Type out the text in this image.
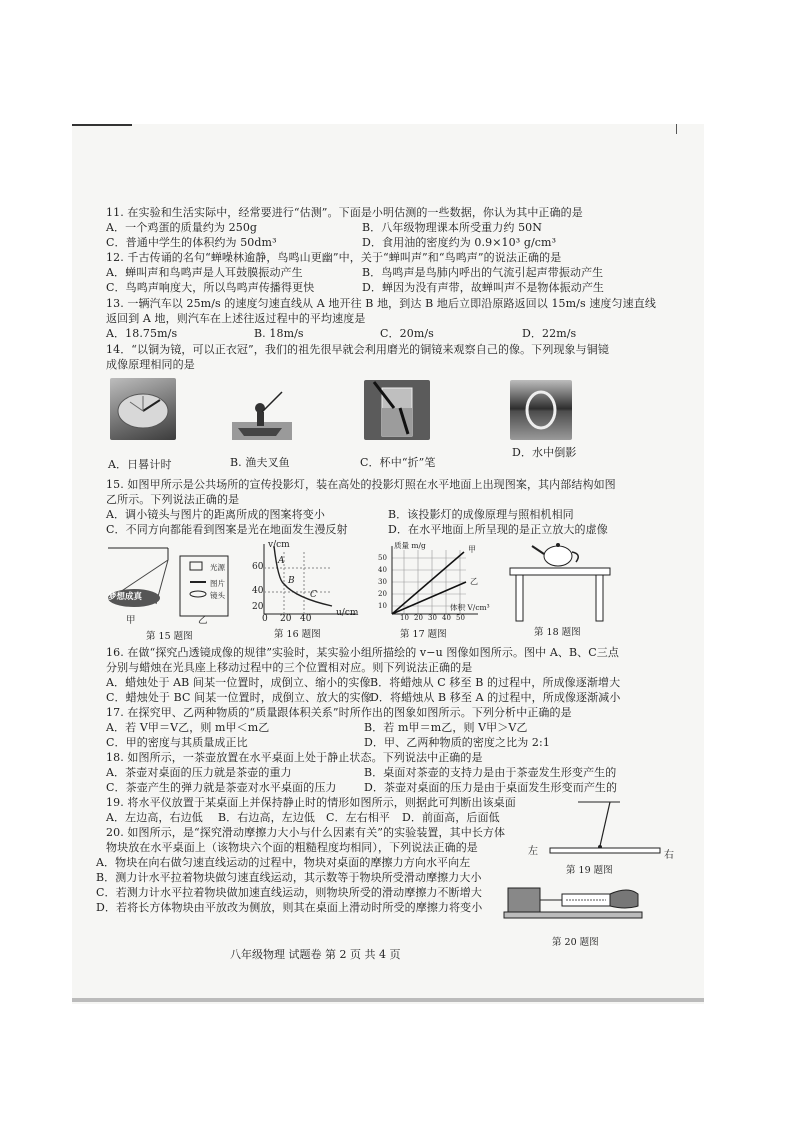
11. 在实验和生活实际中，经常要进行“估测”。下面是小明估测的一些数据，你认为其中正确的是
A．一个鸡蛋的质量约为 250g	B．八年级物理课本所受重力约 50N
C．普通中学生的体积约为 50dm³	D．食用油的密度约为 0.9×10³ g/cm³
12. 千古传诵的名句“蝉噪林逾静，鸟鸣山更幽”中，关于“蝉叫声”和“鸟鸣声”的说法正确的是
A．蝉叫声和鸟鸣声是人耳鼓膜振动产生	B．鸟鸣声是鸟肺内呼出的气流引起声带振动产生
C．鸟鸣声响度大，所以鸟鸣声传播得更快	D．蝉因为没有声带，故蝉叫声不是物体振动产生
13. 一辆汽车以 25m/s 的速度匀速直线从 A 地开往 B 地，到达 B 地后立即沿原路返回以 15m/s 速度匀速直线
返回到 A 地，则汽车在上述往返过程中的平均速度是
A．18.75m/s	B. 18m/s	C．20m/s	D．22m/s
14．“以铜为镜，可以正衣冠”，我们的祖先很早就会利用磨光的铜镜来观察自己的像。下列现象与铜镜
成像原理相同的是
A．日晷计时	B. 渔夫叉鱼	C．杯中“折”笔
D．水中倒影
15. 如图甲所示是公共场所的宣传投影灯，装在高处的投影灯照在水平地面上出现图案，其内部结构如图
乙所示。下列说法正确的是
A．调小镜头与图片的距离所成的图案将变小	B．该投影灯的成像原理与照相机相同
C．不同方向都能看到图案是光在地面发生漫反射	D．在水平地面上所呈现的是正立放大的虚像
梦想成真
光源
图片
镜头
甲	乙
第 15 题图
v/cm
u/cm
60
40
20
0 20 40
A
B
C
第 16 题图
质量 m/g
体积 V/cm³
50
40
30
20
10
10 20 30 40 50
甲
乙
第 17 题图	第 18 题图
16. 在做“探究凸透镜成像的规律”实验时，某实验小组所描绘的 v−u 图像如图所示。图中 A、B、C三点
分别与蜡烛在光具座上移动过程中的三个位置相对应。则下列说法正确的是
A．蜡烛处于 AB 间某一位置时，成倒立、缩小的实像 B．将蜡烛从 C 移至 B 的过程中，所成像逐渐增大
C．蜡烛处于 BC 间某一位置时，成倒立、放大的实像
D．将蜡烛从 B 移至 A 的过程中，所成像逐渐减小
17. 在探究甲、乙两种物质的“质量跟体积关系”时所作出的图象如图所示。下列分析中正确的是
A．若 V甲＝V乙，则 m甲＜m乙	B．若 m甲＝m乙，则 V甲＞V乙
C．甲的密度与其质量成正比	D．甲、乙两种物质的密度之比为 2:1
18. 如图所示，一茶壶放置在水平桌面上处于静止状态。下列说法中正确的是
A．茶壶对桌面的压力就是茶壶的重力	B．桌面对茶壶的支持力是由于茶壶发生形变产生的
C．茶壶产生的弹力就是茶壶对水平桌面的压力 D．茶壶对桌面的压力是由于桌面发生形变而产生的
19. 将水平仪放置于某桌面上并保持静止时的情形如图所示，则据此可判断出该桌面
A．左边高，右边低 B．右边高，左边低 C．左右相平 D．前面高，后面低
左	右
第 19 题图
20. 如图所示，是“探究滑动摩擦力大小与什么因素有关”的实验装置，其中长方体
物块放在水平桌面上（该物块六个面的粗糙程度均相同），下列说法正确的是
A．物块在向右做匀速直线运动的过程中，物块对桌面的摩擦力方向水平向左
B．测力计水平拉着物块做匀速直线运动，其示数等于物块所受滑动摩擦力大小
C．若测力计水平拉着物块做加速直线运动，则物块所受的滑动摩擦力不断增大
D．若将长方体物块由平放改为侧放，则其在桌面上滑动时所受的摩擦力将变小
第 20 题图
八年级物理 试题卷 第 2 页 共 4 页
